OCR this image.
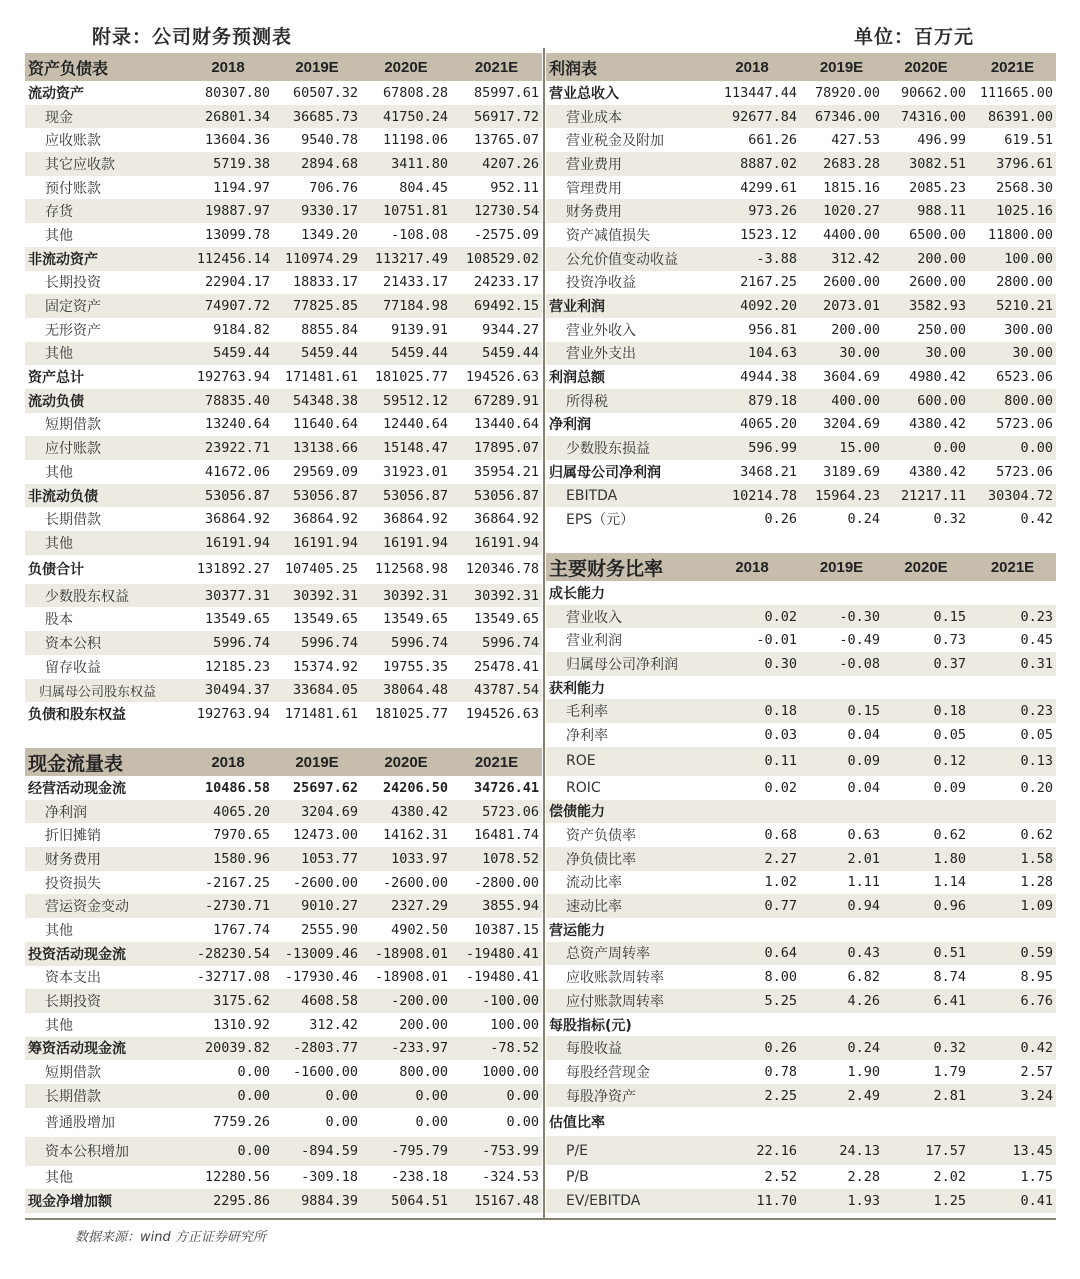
附录：公司财务预测表	单位：百万元
资产负债表	2018	2019E	2020E	2021E
流动资产	80307.80	60507.32	67808.28	85997.61
现金	26801.34	36685.73	41750.24	56917.72
应收账款	13604.36	9540.78	11198.06	13765.07
其它应收款	5719.38	2894.68	3411.80	4207.26
预付账款	1194.97	706.76	804.45	952.11
存货	19887.97	9330.17	10751.81	12730.54
其他	13099.78	1349.20	-108.08	-2575.09
非流动资产	112456.14	110974.29	113217.49	108529.02
长期投资	22904.17	18833.17	21433.17	24233.17
固定资产	74907.72	77825.85	77184.98	69492.15
无形资产	9184.82	8855.84	9139.91	9344.27
其他	5459.44	5459.44	5459.44	5459.44
资产总计	192763.94	171481.61	181025.77	194526.63
流动负债	78835.40	54348.38	59512.12	67289.91
短期借款	13240.64	11640.64	12440.64	13440.64
应付账款	23922.71	13138.66	15148.47	17895.07
其他	41672.06	29569.09	31923.01	35954.21
非流动负债	53056.87	53056.87	53056.87	53056.87
长期借款	36864.92	36864.92	36864.92	36864.92
其他	16191.94	16191.94	16191.94	16191.94
负债合计	131892.27	107405.25	112568.98	120346.78
少数股东权益	30377.31	30392.31	30392.31	30392.31
股本	13549.65	13549.65	13549.65	13549.65
资本公积	5996.74	5996.74	5996.74	5996.74
留存收益	12185.23	15374.92	19755.35	25478.41
归属母公司股东权益	30494.37	33684.05	38064.48	43787.54
负债和股东权益	192763.94	171481.61	181025.77	194526.63
现金流量表	2018	2019E	2020E	2021E
经营活动现金流	10486.58	25697.62	24206.50	34726.41
净利润	4065.20	3204.69	4380.42	5723.06
折旧摊销	7970.65	12473.00	14162.31	16481.74
财务费用	1580.96	1053.77	1033.97	1078.52
投资损失	-2167.25	-2600.00	-2600.00	-2800.00
营运资金变动	-2730.71	9010.27	2327.29	3855.94
其他	1767.74	2555.90	4902.50	10387.15
投资活动现金流	-28230.54	-13009.46	-18908.01	-19480.41
资本支出	-32717.08	-17930.46	-18908.01	-19480.41
长期投资	3175.62	4608.58	-200.00	-100.00
其他	1310.92	312.42	200.00	100.00
筹资活动现金流	20039.82	-2803.77	-233.97	-78.52
短期借款	0.00	-1600.00	800.00	1000.00
长期借款	0.00	0.00	0.00	0.00
普通股增加	7759.26	0.00	0.00	0.00
资本公积增加	0.00	-894.59	-795.79	-753.99
其他	12280.56	-309.18	-238.18	-324.53
现金净增加额	2295.86	9884.39	5064.51	15167.48
利润表	2018	2019E	2020E	2021E
营业总收入	113447.44	78920.00	90662.00	111665.00
营业成本	92677.84	67346.00	74316.00	86391.00
营业税金及附加	661.26	427.53	496.99	619.51
营业费用	8887.02	2683.28	3082.51	3796.61
管理费用	4299.61	1815.16	2085.23	2568.30
财务费用	973.26	1020.27	988.11	1025.16
资产减值损失	1523.12	4400.00	6500.00	11800.00
公允价值变动收益	-3.88	312.42	200.00	100.00
投资净收益	2167.25	2600.00	2600.00	2800.00
营业利润	4092.20	2073.01	3582.93	5210.21
营业外收入	956.81	200.00	250.00	300.00
营业外支出	104.63	30.00	30.00	30.00
利润总额	4944.38	3604.69	4980.42	6523.06
所得税	879.18	400.00	600.00	800.00
净利润	4065.20	3204.69	4380.42	5723.06
少数股东损益	596.99	15.00	0.00	0.00
归属母公司净利润	3468.21	3189.69	4380.42	5723.06
EBITDA	10214.78	15964.23	21217.11	30304.72
EPS（元）	0.26	0.24	0.32	0.42
主要财务比率	2018	2019E	2020E	2021E
成长能力				
营业收入	0.02	-0.30	0.15	0.23
营业利润	-0.01	-0.49	0.73	0.45
归属母公司净利润	0.30	-0.08	0.37	0.31
获利能力				
毛利率	0.18	0.15	0.18	0.23
净利率	0.03	0.04	0.05	0.05
ROE	0.11	0.09	0.12	0.13
ROIC	0.02	0.04	0.09	0.20
偿债能力				
资产负债率	0.68	0.63	0.62	0.62
净负债比率	2.27	2.01	1.80	1.58
流动比率	1.02	1.11	1.14	1.28
速动比率	0.77	0.94	0.96	1.09
营运能力				
总资产周转率	0.64	0.43	0.51	0.59
应收账款周转率	8.00	6.82	8.74	8.95
应付账款周转率	5.25	4.26	6.41	6.76
每股指标(元)				
每股收益	0.26	0.24	0.32	0.42
每股经营现金	0.78	1.90	1.79	2.57
每股净资产	2.25	2.49	2.81	3.24
估值比率				
P/E	22.16	24.13	17.57	13.45
P/B	2.52	2.28	2.02	1.75
EV/EBITDA	11.70	1.93	1.25	0.41
数据来源：wind 方正证券研究所
